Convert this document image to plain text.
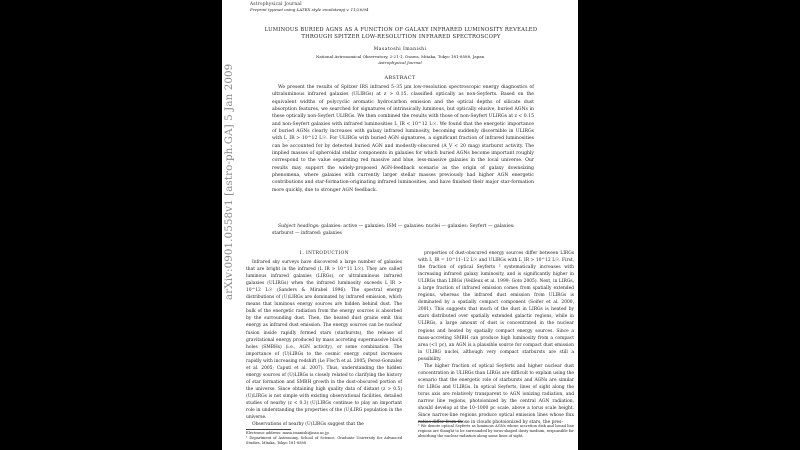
Astrophysical Journal
Preprint typeset using LATEX style emulateapj v. 11/26/04
LUMINOUS BURIED AGNS AS A FUNCTION OF GALAXY INFRARED LUMINOSITY REVEALED THROUGH SPITZER LOW-RESOLUTION INFRARED SPECTROSCOPY
Masatoshi Imanishi
National Astronomical Observatory, 2-21-1, Osawa, Mitaka, Tokyo 181-8588, Japan
Astrophysical Journal
ABSTRACT
We present the results of Spitzer IRS infrared 5–35 μm low-resolution spectroscopic energy diagnostics of ultraluminous infrared galaxies (ULIRGs) at z > 0.15, classified optically as non-Seyferts. Based on the equivalent widths of polycyclic aromatic hydrocarbon emission and the optical depths of silicate dust absorption features, we searched for signatures of intrinsically luminous, but optically elusive, buried AGNs in these optically non-Seyfert ULIRGs. We then combined the results with those of non-Seyfert ULIRGs at z < 0.15 and non-Seyfert galaxies with infrared luminosities L_IR < 10^12 L☉. We found that the energetic importance of buried AGNs clearly increases with galaxy infrared luminosity, becoming suddenly discernible in ULIRGs with L_IR > 10^12 L☉. For ULIRGs with buried AGN signatures, a significant fraction of infrared luminosities can be accounted for by detected buried AGN and modestly-obscured (A_V < 20 mag) starburst activity. The implied masses of spheroidal stellar components in galaxies for which buried AGNs become important roughly correspond to the value separating red massive and blue, less-massive galaxies in the local universe. Our results may support the widely-proposed AGN-feedback scenario as the origin of galaxy downsizing phenomena, where galaxies with currently larger stellar masses previously had higher AGN energetic contributions and star-formation-originating infrared luminosities, and have finished their major star-formation more quickly, due to stronger AGN feedback.
Subject headings: galaxies: active — galaxies: ISM — galaxies: nuclei — galaxies: Seyfert — galaxies: starburst — infrared: galaxies
1. INTRODUCTION

Infrared sky surveys have discovered a large number of galaxies that are bright in the infrared (L_IR > 10^11 L☉). They are called luminous infrared galaxies (LIRGs), or ultraluminous infrared galaxies (ULIRGs) when the infrared luminosity exceeds L_IR > 10^12 L☉ (Sanders & Mirabel 1996). The spectral energy distributions of (U)LIRGs are dominated by infrared emission, which means that luminous energy sources are hidden behind dust. The bulk of the energetic radiation from the energy sources is absorbed by the surrounding dust. Then, the heated dust grains emit this energy as infrared dust emission. The energy sources can be nuclear fusion inside rapidly formed stars (starbursts), the release of gravitational energy produced by mass accreting supermassive black holes (SMBHs) (i.e., AGN activity), or some combination. The importance of (U)LIRGs to the cosmic energy output increases rapidly with increasing redshift (Le Floc'h et al. 2005; Perez-Gonzalez et al. 2005; Caputi et al. 2007). Thus, understanding the hidden energy sources of (U)LIRGs is closely related to clarifying the history of star formation and SMBH growth in the dust-obscured portion of the universe. Since obtaining high quality data of distant (z > 0.5) (U)LIRGs is not simple with existing observational facilities, detailed studies of nearby (z < 0.3) (U)LIRGs continue to play an important role in understanding the properties of the (U)LIRG population in the universe.

Observations of nearby (U)LIRGs suggest that the

properties of dust-obscured energy sources differ between LIRGs with L_IR = 10^11–12 L☉ and ULIRGs with L_IR > 10^12 L☉. First, the fraction of optical Seyferts ² systematically increases with increasing infrared galaxy luminosity, and is significantly higher in ULIRGs than LIRGs (Veilleux et al. 1999; Goto 2005). Next, in LIRGs, a large fraction of infrared emission comes from spatially extended regions, whereas the infrared dust emission from ULIRGs is dominated by a spatially compact component (Soifer et al. 2000, 2001). This suggests that much of the dust in LIRGs is heated by stars distributed over spatially extended galactic regions, while in ULIRGs, a large amount of dust is concentrated in the nuclear regions and heated by spatially compact energy sources. Since a mass-accreting SMBH can produce high luminosity from a compact area (<1 pc), an AGN is a plausible source for compact dust emission in ULIRG nuclei, although very compact starbursts are still a possibility.

The higher fraction of optical Seyferts and higher nuclear dust concentration in ULIRGs than LIRGs are difficult to explain using the scenario that the energetic role of starbursts and AGNs are similar for LIRGs and ULIRGs. In optical Seyferts, lines of sight along the torus axis are relatively transparent to AGN ionizing radiation, and narrow line regions, photoionized by the central AGN radiation, should develop at the 10–1000 pc scale, above a torus scale height. Since narrow-line regions produce optical emission lines whose flux ratios differ from those in clouds photoionized by stars, the pres-

Electronic address: masa.imanishi@nao.ac.jp
¹ Department of Astronomy, School of Science, Graduate University for Advanced Studies, Mitaka, Tokyo 181-8588
² We denote optical Seyferts as luminous AGNs whose accretion disk and broad line regions are thought to be surrounded by torus-shaped dusty medium, responsible for absorbing the nuclear radiation along some lines of sight.
arXiv:0901.0558v1 [astro-ph.GA] 5 Jan 2009
